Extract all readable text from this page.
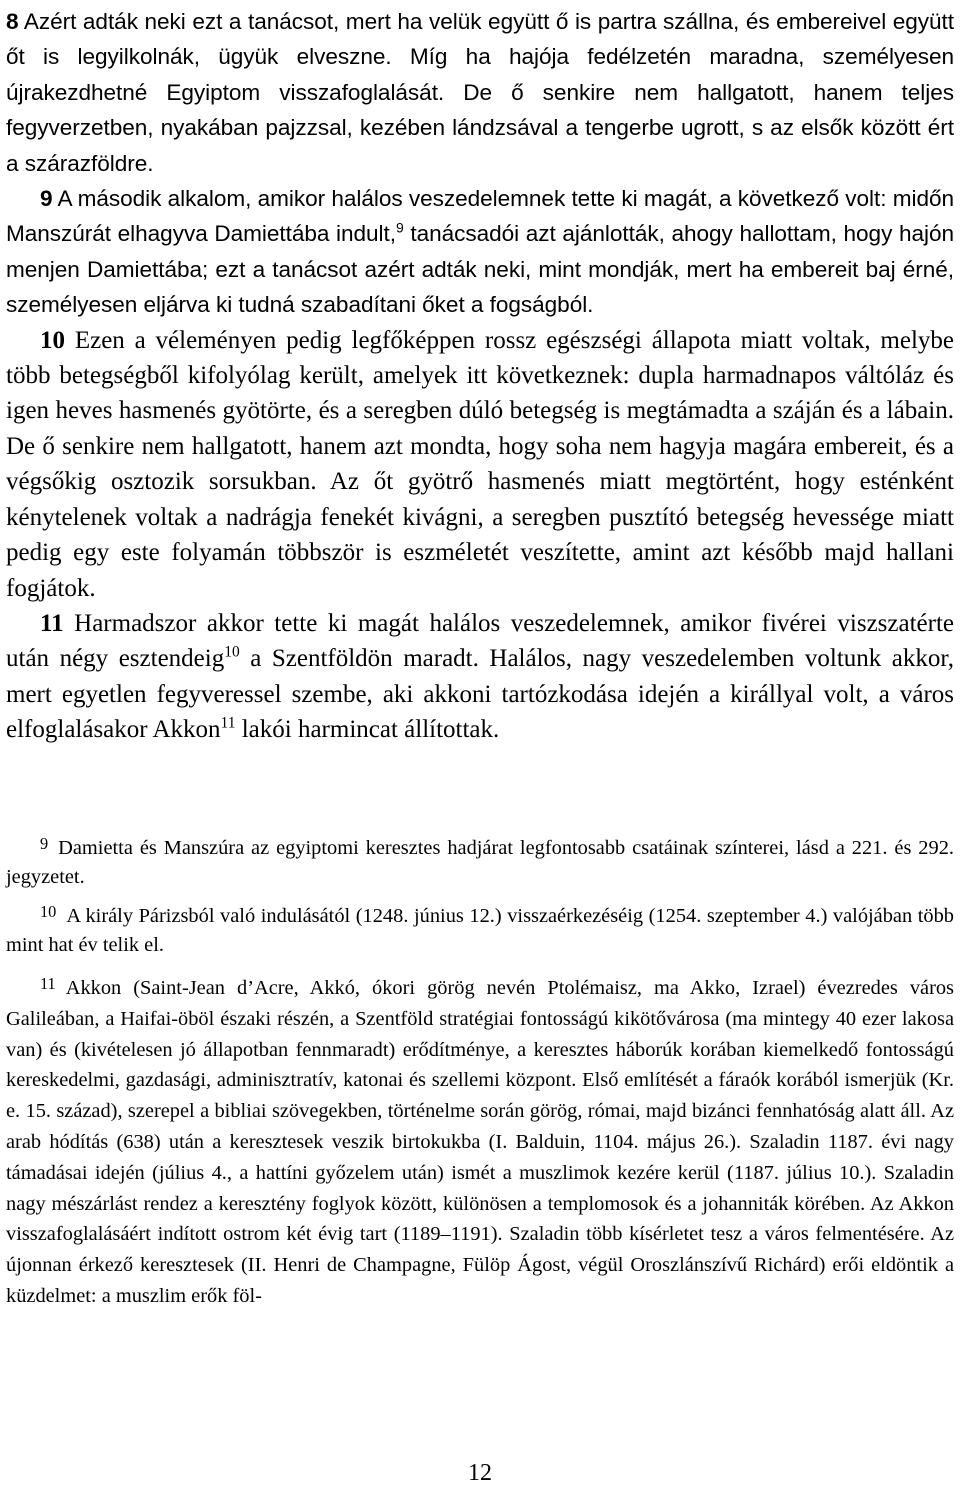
8 Azért adták neki ezt a tanácsot, mert ha velük együtt ő is partra szállna, és embereivel együtt őt is legyilkolnák, ügyük elveszne. Míg ha hajója fedélzetén maradna, személyesen újrakezdhetné Egyiptom visszafoglalását. De ő senkire nem hallgatott, hanem teljes fegyverzetben, nyakában pajzzsal, kezében lándzsával a tengerbe ugrott, s az elsők között ért a szárazföldre.

9 A második alkalom, amikor halálos veszedelemnek tette ki magát, a következő volt: midőn Manszúrát elhagyva Damiettába indult,$^9$ tanácsadói azt ajánlották, ahogy hallottam, hogy hajón menjen Damiettába; ezt a tanácsot azért adták neki, mint mondják, mert ha embereit baj érné, személyesen eljárva ki tudná szabadítani őket a fogságból.

10 Ezen a véleményen pedig legfőképpen rossz egészségi állapota miatt voltak, melybe több betegségből kifolyólag került, amelyek itt következnek: dupla harmadnapos váltóláz és igen heves hasmenés gyötörte, és a seregben dúló betegség is megtámadta a száján és a lábain. De ő senkire nem hallgatott, hanem azt mondta, hogy soha nem hagyja magára embereit, és a végsőkig osztozik sorsukban. Az őt gyötrő hasmenés miatt megtörtént, hogy esténként kénytelenek voltak a nadrágja fenekét kivágni, a seregben pusztító betegség hevessége miatt pedig egy este folyamán többször is eszméletét veszítette, amint azt később majd hallani fogjátok.

11 Harmadszor akkor tette ki magát halálos veszedelemnek, amikor fivérei viszszatérte után négy esztendeig$^{10}$ a Szentföldön maradt. Halálos, nagy veszedelemben voltunk akkor, mert egyetlen fegyveressel szembe, aki akkoni tartózkodása idején a királlyal volt, a város elfoglalásakor Akkon$^{11}$ lakói harmincat állítottak.

$^9$ Damietta és Manszúra az egyiptomi keresztes hadjárat legfontosabb csatáinak színterei, lásd a 221. és 292. jegyzetet.

$^{10}$ A király Párizsból való indulásától (1248. június 12.) visszaérkezéséig (1254. szeptember 4.) valójában több mint hat év telik el.

$^{11}$ Akkon (Saint-Jean d’Acre, Akkó, ókori görög nevén Ptolémaisz, ma Akko, Izrael) évezredes város Galileában, a Haifai-öböl északi részén, a Szentföld stratégiai fontosságú kikötővárosa (ma mintegy 40 ezer lakosa van) és (kivételesen jó állapotban fennmaradt) erődítménye, a keresztes háborúk korában kiemelkedő fontosságú kereskedelmi, gazdasági, adminisztratív, katonai és szellemi központ. Első említését a fáraók korából ismerjük (Kr. e. 15. század), szerepel a bibliai szövegekben, történelme során görög, római, majd bizánci fennhatóság alatt áll. Az arab hódítás (638) után a keresztesek veszik birtokukba (I. Balduin, 1104. május 26.). Szaladin 1187. évi nagy támadásai idején (július 4., a hattíni győzelem után) ismét a muszlimok kezére kerül (1187. július 10.). Szaladin nagy mészárlást rendez a keresztény foglyok között, különösen a templomosok és a johanniták körében. Az Akkon visszafoglalásáért indított ostrom két évig tart (1189–1191). Szaladin több kísérletet tesz a város felmentésére. Az újonnan érkező keresztesek (II. Henri de Champagne, Fülöp Ágost, végül Oroszlánszívű Richárd) erői eldöntik a küzdelmet: a muszlim erők föl-

12
